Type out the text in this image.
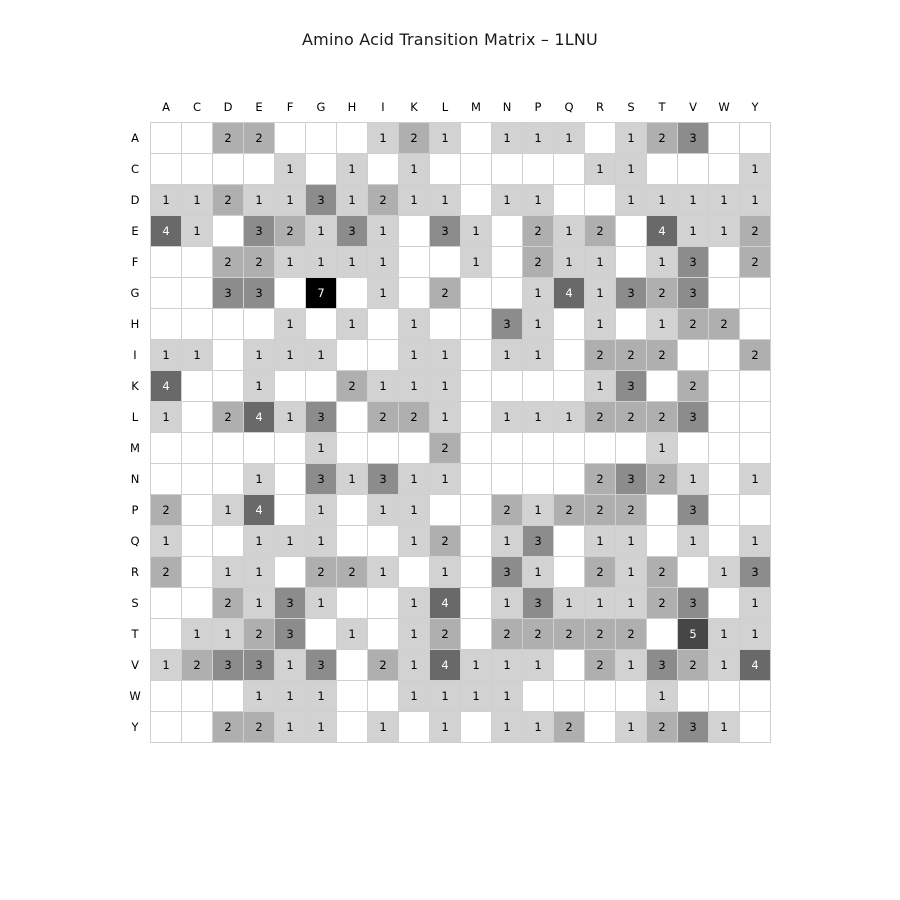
Amino Acid Transition Matrix – 1LNU
	A	C	D	E	F	G	H	I	K	L	M	N	P	Q	R	S	T	V	W	Y
A			2	2				1	2	1		1	1	1		1	2	3		
C					1		1		1						1	1				1
D	1	1	2	1	1	3	1	2	1	1		1	1			1	1	1	1	1
E	4	1		3	2	1	3	1		3	1		2	1	2		4	1	1	2
F			2	2	1	1	1	1			1		2	1	1		1	3		2
G			3	3		7		1		2			1	4	1	3	2	3		
H					1		1		1			3	1		1		1	2	2	
I	1	1		1	1	1			1	1		1	1		2	2	2			2
K	4			1			2	1	1	1					1	3		2		
L	1		2	4	1	3		2	2	1		1	1	1	2	2	2	3		
M						1				2							1			
N				1		3	1	3	1	1					2	3	2	1		1
P	2		1	4		1		1	1			2	1	2	2	2		3		
Q	1			1	1	1			1	2		1	3		1	1		1		1
R	2		1	1		2	2	1		1		3	1		2	1	2		1	3
S			2	1	3	1			1	4		1	3	1	1	1	2	3		1
T		1	1	2	3		1		1	2		2	2	2	2	2		5	1	1
V	1	2	3	3	1	3		2	1	4	1	1	1		2	1	3	2	1	4
W				1	1	1			1	1	1	1					1			
Y			2	2	1	1		1		1		1	1	2		1	2	3	1	
